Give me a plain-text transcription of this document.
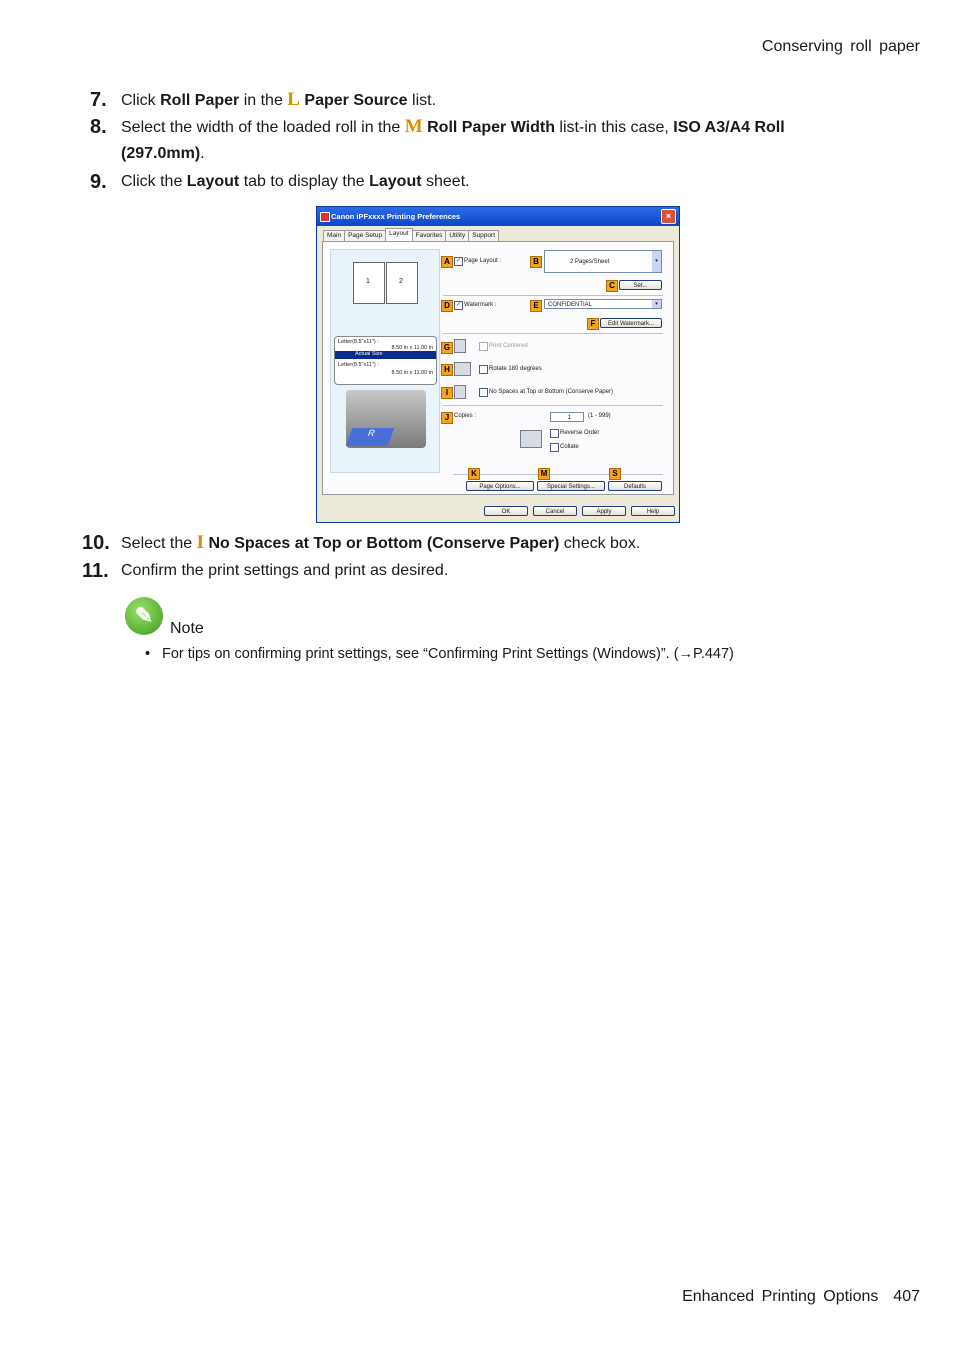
Conserving roll paper
7. Click Roll Paper in the L Paper Source list.
8. Select the width of the loaded roll in the M Roll Paper Width list-in this case, ISO A3/A4 Roll
(297.0mm).
9. Click the Layout tab to display the Layout sheet.
Canon iPFxxxx Printing Preferences	×
Main	Page Setup	Layout	Favorites	Utility	Support
1	2
Letter(8.5"x11") :
8.50 in x 11.00 in
Actual Size
Letter(8.5"x11") :
8.50 in x 11.00 in
R
A	✓ Page Layout :	B	2 Pages/Sheet	▾
C	Set...
D	✓ Watermark :	E	CONFIDENTIAL	▾
F	Edit Watermark...
G	Print Centered
H	Rotate 180 degrees
I	No Spaces at Top or Bottom (Conserve Paper)
J Copies :	1	(1 - 999)
Reverse Order
Collate
K	M	S
Page Options...	Special Settings...	Defaults
OK	Cancel	Apply	Help
10. Select the I No Spaces at Top or Bottom (Conserve Paper) check box.
11. Confirm the print settings and print as desired.
✎
Note
• For tips on confirming print settings, see “Confirming Print Settings (Windows)”. (→P.447)
Enhanced Printing Options 407
